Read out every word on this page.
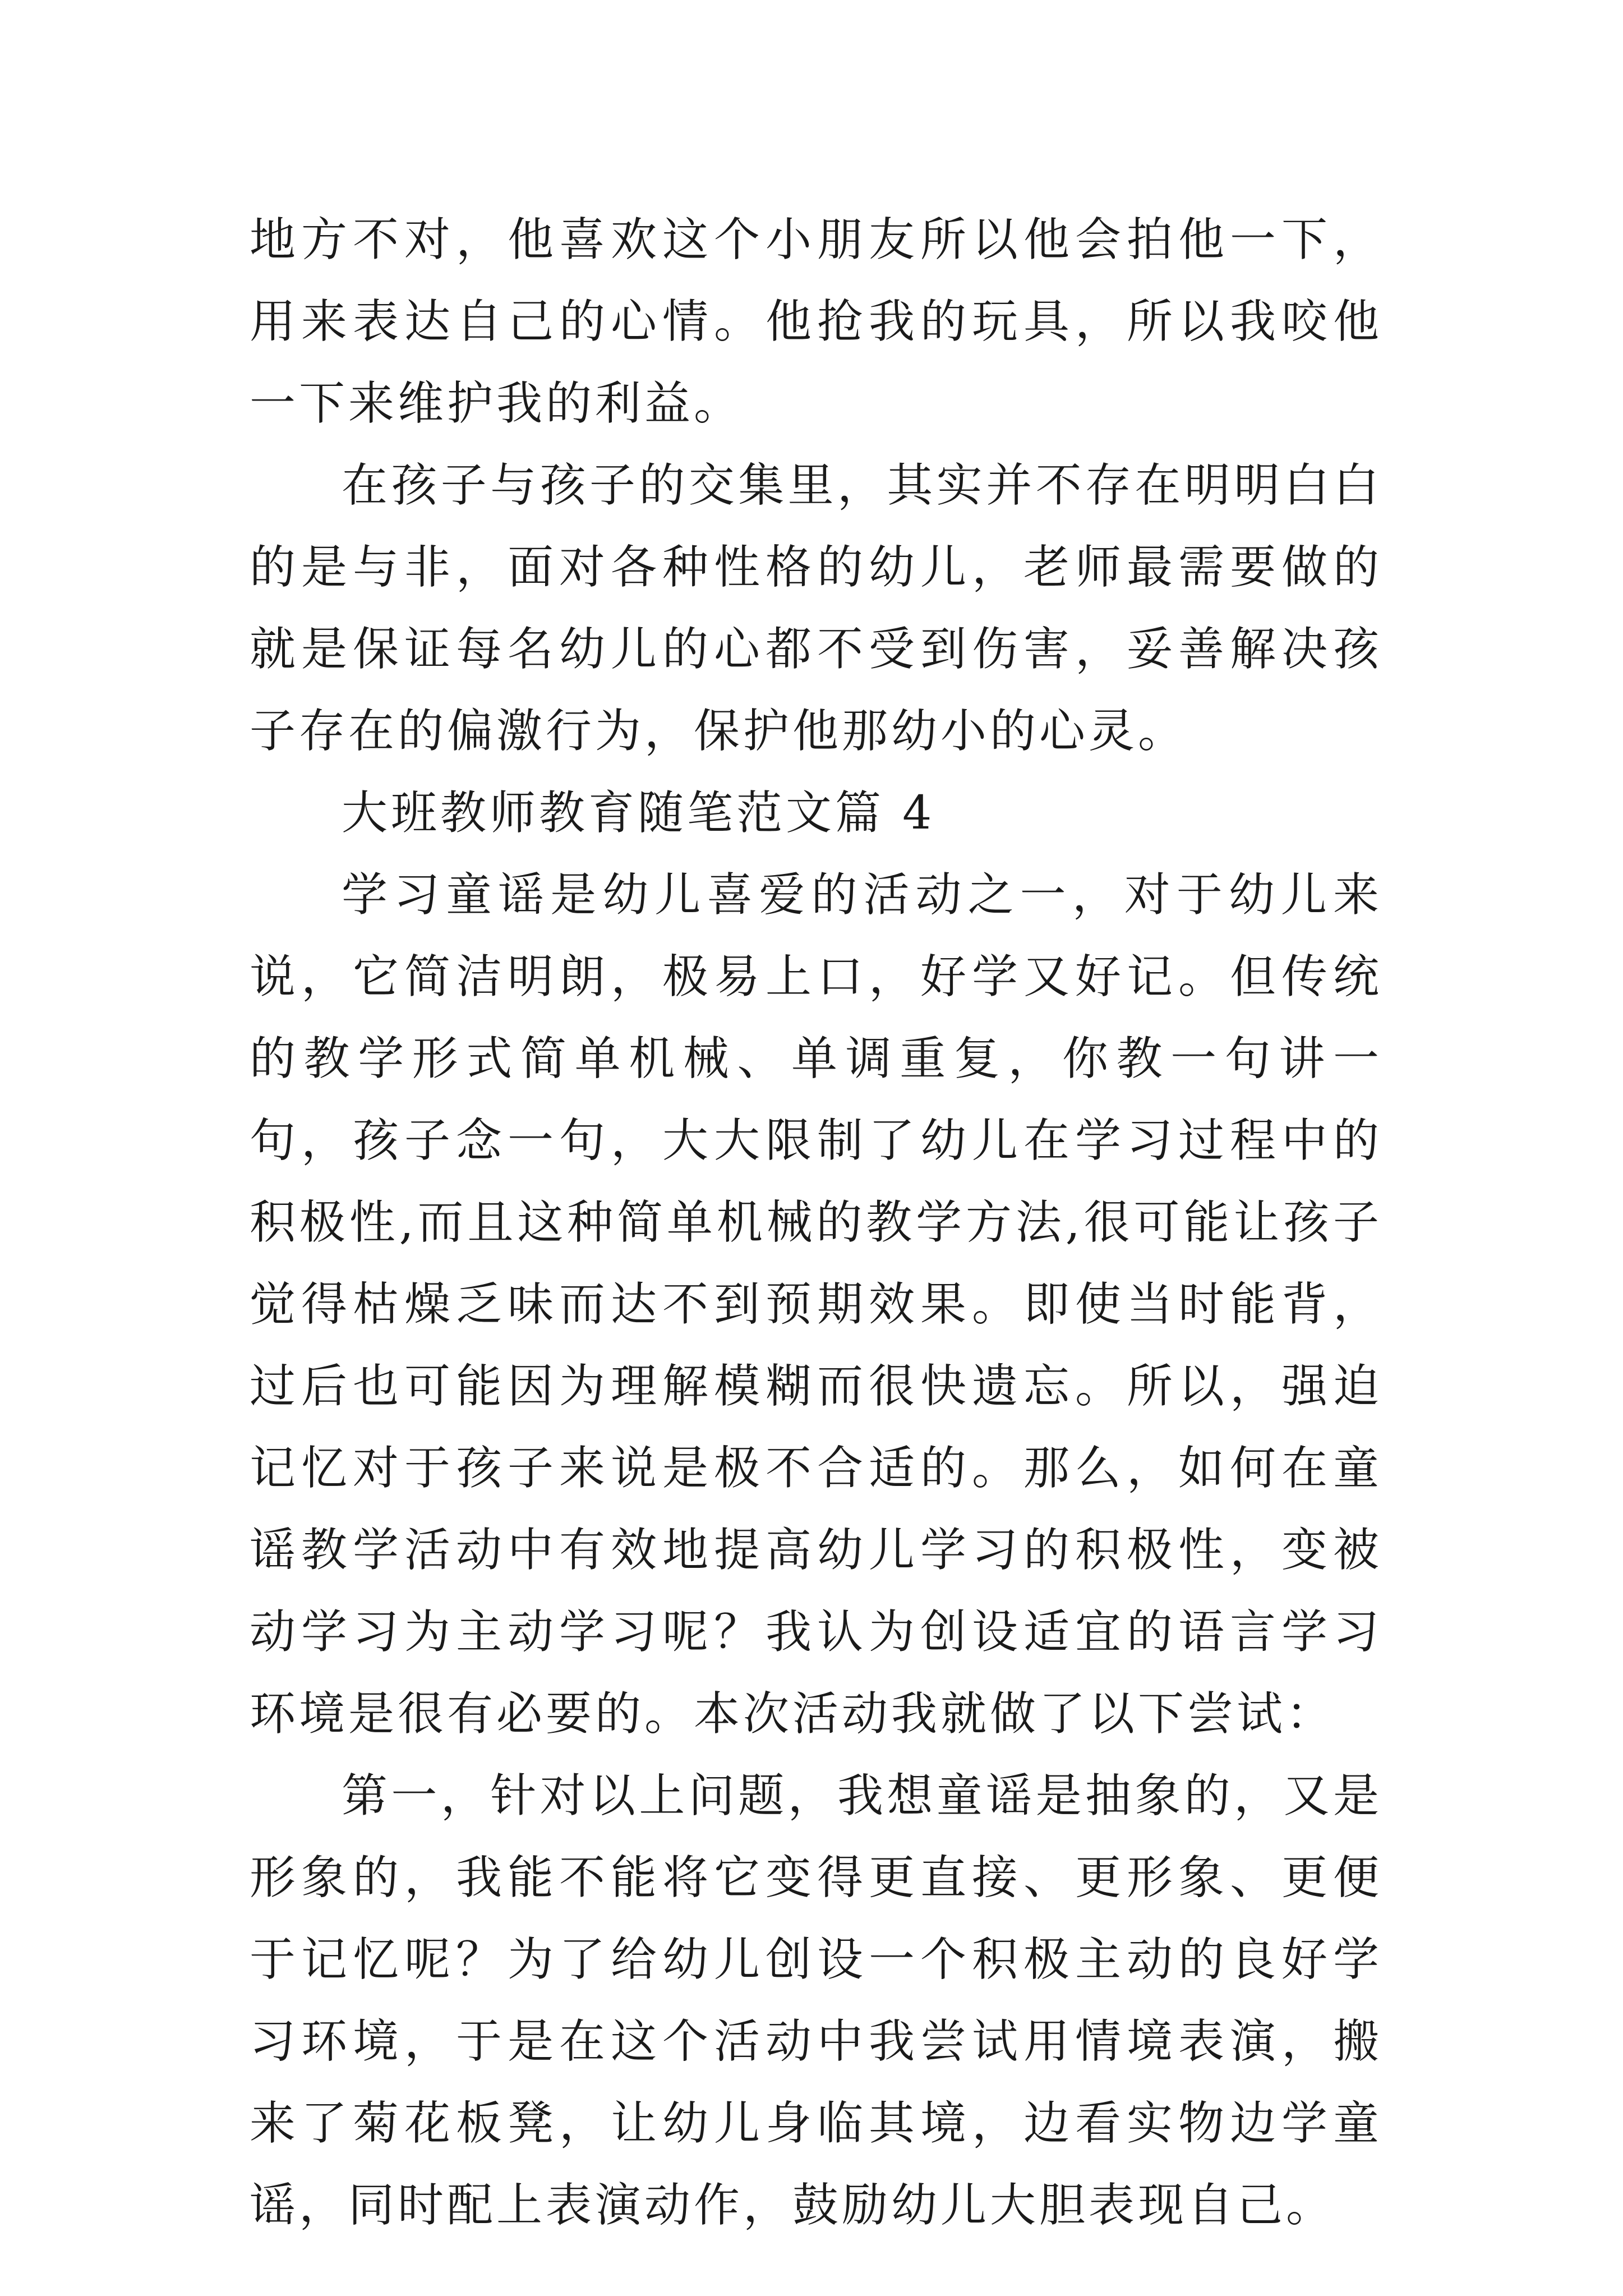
地方不对，他喜欢这个小朋友所以他会拍他一下，用来表达自己的心情。他抢我的玩具，所以我咬他一下来维护我的利益。

在孩子与孩子的交集里，其实并不存在明明白白的是与非，面对各种性格的幼儿，老师最需要做的就是保证每名幼儿的心都不受到伤害，妥善解决孩子存在的偏激行为，保护他那幼小的心灵。

大班教师教育随笔范文篇 4

学习童谣是幼儿喜爱的活动之一，对于幼儿来说，它简洁明朗，极易上口，好学又好记。但传统的教学形式简单机械、单调重复，你教一句讲一句，孩子念一句，大大限制了幼儿在学习过程中的积极性,而且这种简单机械的教学方法,很可能让孩子觉得枯燥乏味而达不到预期效果。即使当时能背，过后也可能因为理解模糊而很快遗忘。所以，强迫记忆对于孩子来说是极不合适的。那么，如何在童谣教学活动中有效地提高幼儿学习的积极性，变被动学习为主动学习呢？我认为创设适宜的语言学习环境是很有必要的。本次活动我就做了以下尝试：

第一，针对以上问题，我想童谣是抽象的，又是形象的，我能不能将它变得更直接、更形象、更便于记忆呢？为了给幼儿创设一个积极主动的良好学习环境，于是在这个活动中我尝试用情境表演，搬来了菊花板凳，让幼儿身临其境，边看实物边学童谣，同时配上表演动作，鼓励幼儿大胆表现自己。
